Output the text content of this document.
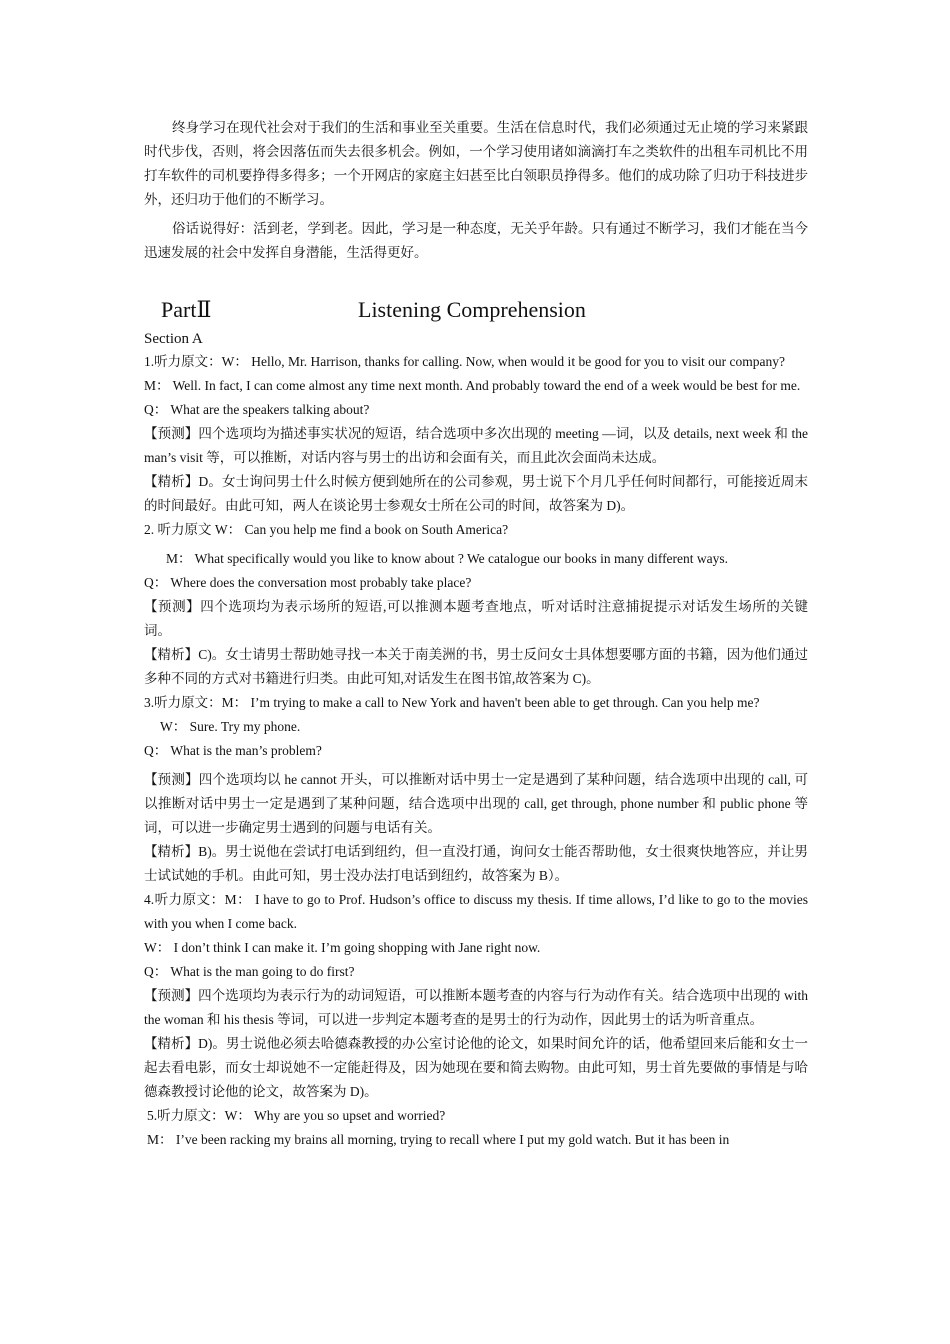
终身学习在现代社会对于我们的生活和事业至关重要。生活在信息时代，我们必须通过无止境的学习来紧跟时代步伐，否则，将会因落伍而失去很多机会。例如，一个学习使用诸如滴滴打车之类软件的出租车司机比不用打车软件的司机要挣得多得多；一个开网店的家庭主妇甚至比白领职员挣得多。他们的成功除了归功于科技进步外，还归功于他们的不断学习。

俗话说得好：活到老，学到老。因此，学习是一种态度，无关乎年龄。只有通过不断学习，我们才能在当今迅速发展的社会中发挥自身潜能，生活得更好。

PartⅡ	Listening Comprehension

Section A

1.听力原文：W： Hello, Mr. Harrison, thanks for calling. Now, when would it be good for you to visit our company?

M： Well. In fact, I can come almost any time next month. And probably toward the end of a week would be best for me.

Q： What are the speakers talking about?

【预测】四个选项均为描述事实状况的短语，结合选项中多次出现的 meeting —词，以及 details, next week 和 the man’s visit 等，可以推断，对话内容与男士的出访和会面有关，而且此次会面尚未达成。

【精析】D。女士询问男士什么时候方便到她所在的公司参观，男士说下个月几乎任何时间都行，可能接近周末的时间最好。由此可知，两人在谈论男士参观女士所在公司的时间，故答案为 D)。

2. 听力原文 W： Can you help me find a book on South America?

M： What specifically would you like to know about ? We catalogue our books in many different ways.

Q： Where does the conversation most probably take place?

【预测】四个选项均为表示场所的短语,可以推测本题考查地点，听对话时注意捕捉提示对话发生场所的关键词。

【精析】C)。女士请男士帮助她寻找一本关于南美洲的书，男士反问女士具体想要哪方面的书籍，因为他们通过多种不同的方式对书籍进行归类。由此可知,对话发生在图书馆,故答案为 C)。

3.听力原文：M： I’m trying to make a call to New York and haven't been able to get through. Can you help me?

W： Sure. Try my phone.

Q： What is the man’s problem?

【预测】四个选项均以 he cannot 开头，可以推断对话中男士一定是遇到了某种问题，结合选项中出现的 call, 可以推断对话中男士一定是遇到了某种问题，结合选项中出现的 call, get through, phone number 和 public phone 等词，可以进一步确定男士遇到的问题与电话有关。

【精析】B)。男士说他在尝试打电话到纽约，但一直没打通，询问女士能否帮助他，女士很爽快地答应，并让男士试试她的手机。由此可知，男士没办法打电话到纽约，故答案为 B）。

4.听力原文：M： I have to go to Prof. Hudson’s office to discuss my thesis. If time allows, I’d like to go to the movies with you when I come back.

W： I don’t think I can make it. I’m going shopping with Jane right now.

Q： What is the man going to do first?

【预测】四个选项均为表示行为的动词短语，可以推断本题考查的内容与行为动作有关。结合选项中出现的 with the woman 和 his thesis 等词，可以进一步判定本题考查的是男士的行为动作，因此男士的话为听音重点。

【精析】D)。男士说他必须去哈德森教授的办公室讨论他的论文，如果时间允许的话，他希望回来后能和女士一起去看电影，而女士却说她不一定能赶得及，因为她现在要和简去购物。由此可知，男士首先要做的事情是与哈德森教授讨论他的论文，故答案为 D)。

5.听力原文：W： Why are you so upset and worried?

M： I’ve been racking my brains all morning, trying to recall where I put my gold watch. But it has been in
